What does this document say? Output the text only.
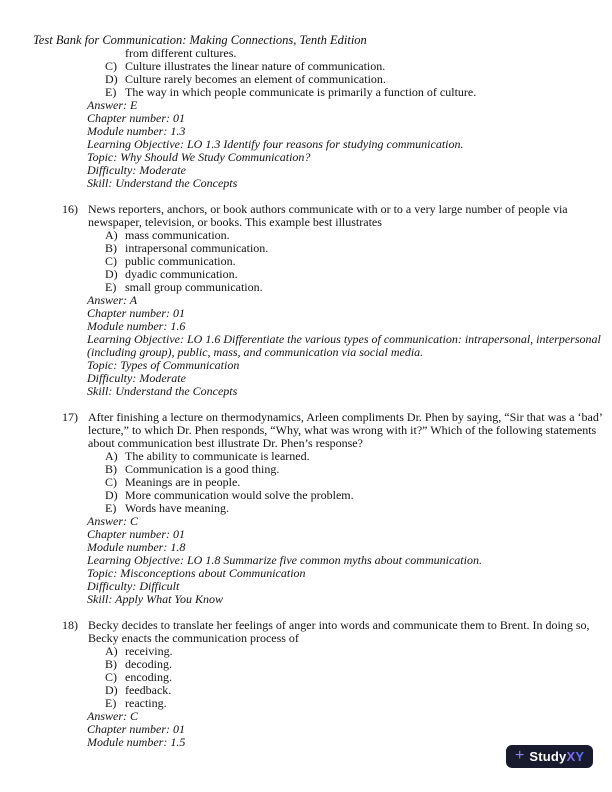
Test Bank for Communication: Making Connections, Tenth Edition
from different cultures.
C) Culture illustrates the linear nature of communication.
D) Culture rarely becomes an element of communication.
E) The way in which people communicate is primarily a function of culture.
Answer: E
Chapter number: 01
Module number: 1.3
Learning Objective: LO 1.3 Identify four reasons for studying communication.
Topic: Why Should We Study Communication?
Difficulty: Moderate
Skill: Understand the Concepts
16) News reporters, anchors, or book authors communicate with or to a very large number of people via
newspaper, television, or books. This example best illustrates
A) mass communication.
B) intrapersonal communication.
C) public communication.
D) dyadic communication.
E) small group communication.
Answer: A
Chapter number: 01
Module number: 1.6
Learning Objective: LO 1.6 Differentiate the various types of communication: intrapersonal, interpersonal
(including group), public, mass, and communication via social media.
Topic: Types of Communication
Difficulty: Moderate
Skill: Understand the Concepts
17) After finishing a lecture on thermodynamics, Arleen compliments Dr. Phen by saying, “Sir that was a ‘bad’
lecture,” to which Dr. Phen responds, “Why, what was wrong with it?” Which of the following statements
about communication best illustrate Dr. Phen’s response?
A) The ability to communicate is learned.
B) Communication is a good thing.
C) Meanings are in people.
D) More communication would solve the problem.
E) Words have meaning.
Answer: C
Chapter number: 01
Module number: 1.8
Learning Objective: LO 1.8 Summarize five common myths about communication.
Topic: Misconceptions about Communication
Difficulty: Difficult
Skill: Apply What You Know
18) Becky decides to translate her feelings of anger into words and communicate them to Brent. In doing so,
Becky enacts the communication process of
A) receiving.
B) decoding.
C) encoding.
D) feedback.
E) reacting.
Answer: C
Chapter number: 01
Module number: 1.5
+ StudyXY
